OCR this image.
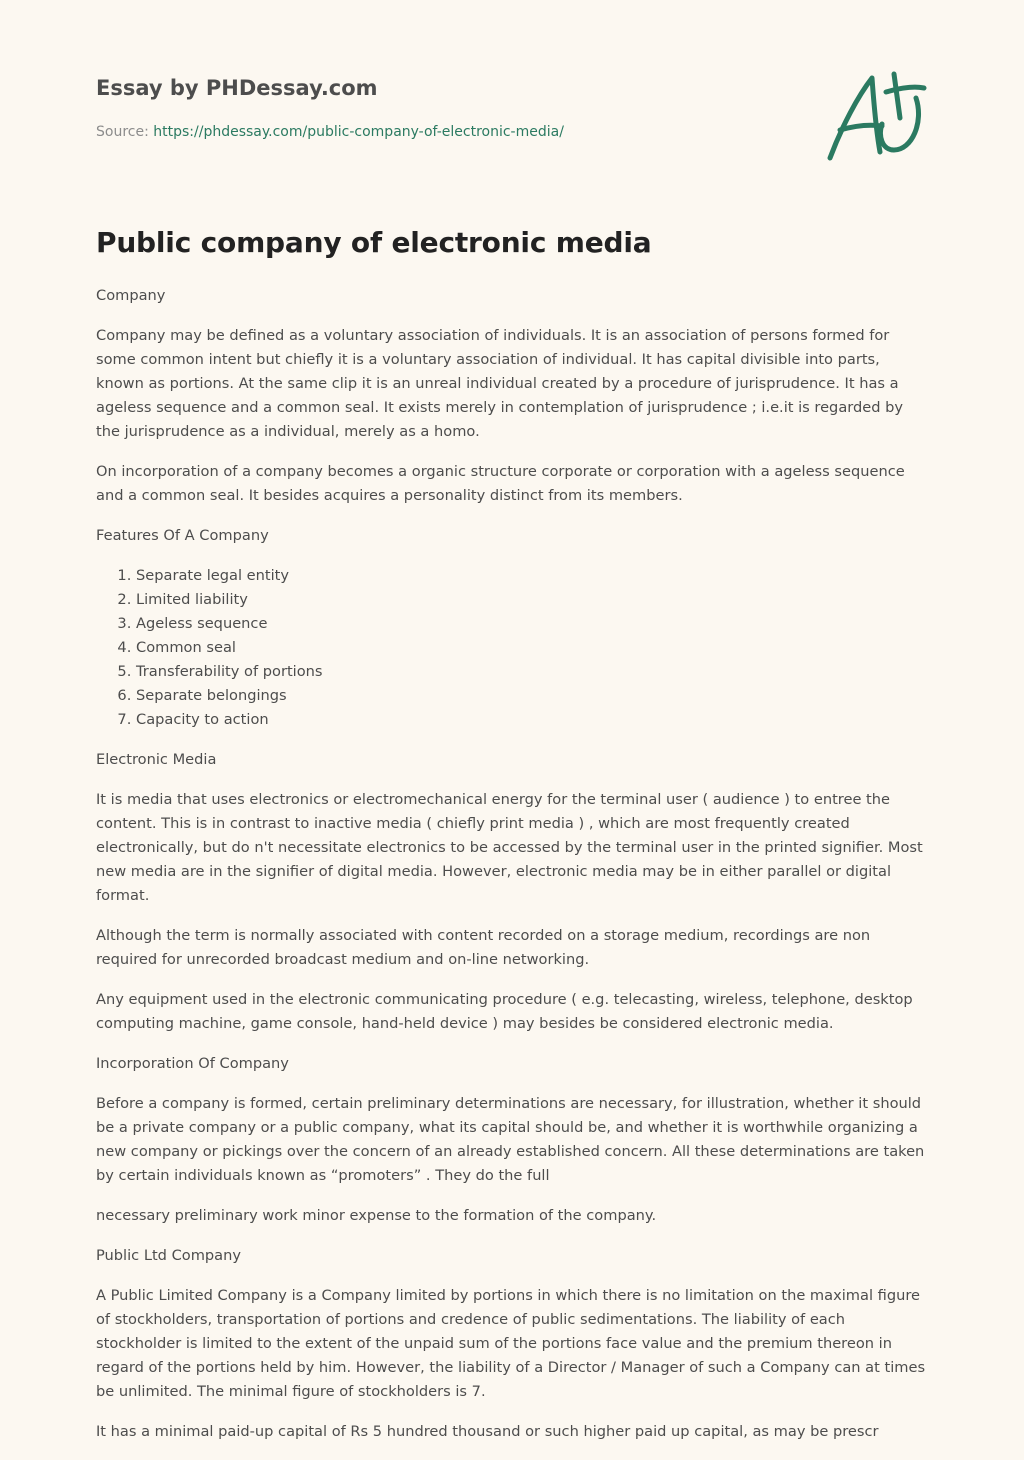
Essay by PHDessay.com

Source: https://phdessay.com/public-company-of-electronic-media/

A+
Public company of electronic media

Company

Company may be defined as a voluntary association of individuals. It is an association of persons formed for some common intent but chiefly it is a voluntary association of individual. It has capital divisible into parts, known as portions. At the same clip it is an unreal individual created by a procedure of jurisprudence. It has a ageless sequence and a common seal. It exists merely in contemplation of jurisprudence ; i.e.it is regarded by the jurisprudence as a individual, merely as a homo.

On incorporation of a company becomes a organic structure corporate or corporation with a ageless sequence and a common seal. It besides acquires a personality distinct from its members.

Features Of A Company

1. Separate legal entity
2. Limited liability
3. Ageless sequence
4. Common seal
5. Transferability of portions
6. Separate belongings
7. Capacity to action

Electronic Media

It is media that uses electronics or electromechanical energy for the terminal user ( audience ) to entree the content. This is in contrast to inactive media ( chiefly print media ) , which are most frequently created electronically, but do n't necessitate electronics to be accessed by the terminal user in the printed signifier. Most new media are in the signifier of digital media. However, electronic media may be in either parallel or digital format.

Although the term is normally associated with content recorded on a storage medium, recordings are non required for unrecorded broadcast medium and on-line networking.

Any equipment used in the electronic communicating procedure ( e.g. telecasting, wireless, telephone, desktop computing machine, game console, hand-held device ) may besides be considered electronic media.

Incorporation Of Company

Before a company is formed, certain preliminary determinations are necessary, for illustration, whether it should be a private company or a public company, what its capital should be, and whether it is worthwhile organizing a new company or pickings over the concern of an already established concern. All these determinations are taken by certain individuals known as “promoters” . They do the full

necessary preliminary work minor expense to the formation of the company.

Public Ltd Company

A Public Limited Company is a Company limited by portions in which there is no limitation on the maximal figure of stockholders, transportation of portions and credence of public sedimentations. The liability of each stockholder is limited to the extent of the unpaid sum of the portions face value and the premium thereon in regard of the portions held by him. However, the liability of a Director / Manager of such a Company can at times be unlimited. The minimal figure of stockholders is 7.

It has a minimal paid-up capital of Rs 5 hundred thousand or such higher paid up capital, as may be prescr
